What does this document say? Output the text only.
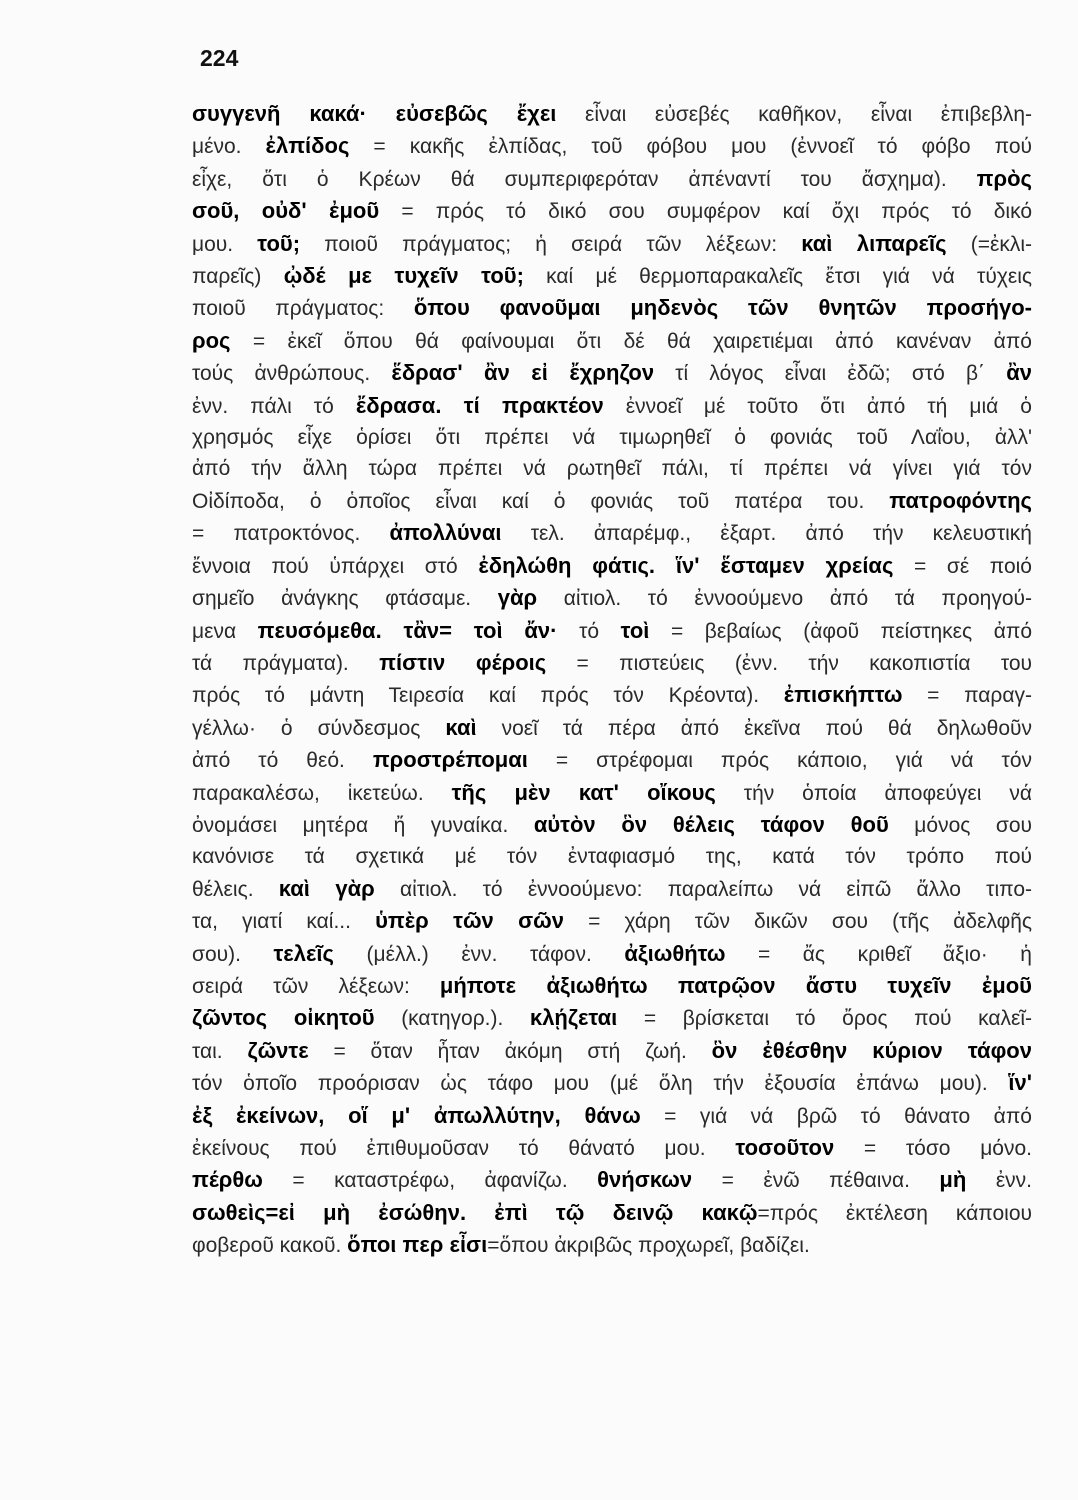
224
συγγενῆ κακά· εὐσεβῶς ἔχει εἶναι εὐσεβές καθῆκον, εἶναι ἐπιβεβλη-
μένο. ἐλπίδος = κακῆς ἐλπίδας, τοῦ φόβου μου (ἐννοεῖ τό φόβο πού
εἶχε, ὅτι ὁ Κρέων θά συμπεριφερόταν ἀπέναντί του ἄσχημα). πρὸς
σοῦ, οὐδ' ἐμοῦ = πρός τό δικό σου συμφέρον καί ὄχι πρός τό δικό
μου. τοῦ; ποιοῦ πράγματος; ἡ σειρά τῶν λέξεων: καὶ λιπαρεῖς (=ἐκλι-
παρεῖς) ᾠδέ με τυχεῖν τοῦ; καί μέ θερμοπαρακαλεῖς ἔτσι γιά νά τύχεις
ποιοῦ πράγματος: ὅπου φανοῦμαι μηδενὸς τῶν θνητῶν προσήγο-
ρος = ἐκεῖ ὅπου θά φαίνουμαι ὅτι δέ θά χαιρετιέμαι ἀπό κανέναν ἀπό
τούς ἀνθρώπους. ἕδρασ' ἂν εἰ ἔχρηζον τί λόγος εἶναι ἐδῶ; στό β΄ ἂν
ἐνν. πάλι τό ἔδρασα. τί πρακτέον ἐννοεῖ μέ τοῦτο ὅτι ἀπό τή μιά ὁ
χρησμός εἶχε ὁρίσει ὅτι πρέπει νά τιμωρηθεῖ ὁ φονιάς τοῦ Λαΐου, ἀλλ'
ἀπό τήν ἄλλη τώρα πρέπει νά ρωτηθεῖ πάλι, τί πρέπει νά γίνει γιά τόν
Οἰδίποδα, ὁ ὁποῖος εἶναι καί ὁ φονιάς τοῦ πατέρα του. πατροφόντης
= πατροκτόνος. ἀπολλύναι τελ. ἀπαρέμφ., ἐξαρτ. ἀπό τήν κελευστική
ἔννοια πού ὑπάρχει στό ἐδηλώθη φάτις. ἵν' ἕσταμεν χρείας = σέ ποιό
σημεῖο ἀνάγκης φτάσαμε. γὰρ αἰτιολ. τό ἐννοούμενο ἀπό τά προηγού-
μενα πευσόμεθα. τἂν= τοὶ ἄν· τό τοὶ = βεβαίως (ἀφοῦ πείστηκες ἀπό
τά πράγματα). πίστιν φέροις = πιστεύεις (ἐνν. τήν κακοπιστία του
πρός τό μάντη Τειρεσία καί πρός τόν Κρέοντα). ἐπισκήπτω = παραγ-
γέλλω· ὁ σύνδεσμος καὶ νοεῖ τά πέρα ἀπό ἐκεῖνα πού θά δηλωθοῦν
ἀπό τό θεό. προστρέπομαι = στρέφομαι πρός κάποιο, γιά νά τόν
παρακαλέσω, ἱκετεύω. τῆς μὲν κατ' οἴκους τήν ὁποία ἀποφεύγει νά
ὀνομάσει μητέρα ἤ γυναίκα. αὐτὸν ὃν θέλεις τάφον θοῦ μόνος σου
κανόνισε τά σχετικά μέ τόν ἐνταφιασμό της, κατά τόν τρόπο πού
θέλεις. καὶ γὰρ αἰτιολ. τό ἐννοούμενο: παραλείπω νά εἰπῶ ἄλλο τιπο-
τα, γιατί καί... ὑπὲρ τῶν σῶν = χάρη τῶν δικῶν σου (τῆς ἀδελφῆς
σου). τελεῖς (μέλλ.) ἐνν. τάφον. ἀξιωθήτω = ἄς κριθεῖ ἄξιο· ἡ
σειρά τῶν λέξεων: μήποτε ἀξιωθήτω πατρῷον ἄστυ τυχεῖν ἐμοῦ
ζῶντος οἰκητοῦ (κατηγορ.). κλῄζεται = βρίσκεται τό ὄρος πού καλεῖ-
ται. ζῶντε = ὅταν ἦταν ἀκόμη στή ζωή. ὃν ἐθέσθην κύριον τάφον
τόν ὁποῖο προόρισαν ὡς τάφο μου (μέ ὅλη τήν ἐξουσία ἐπάνω μου). ἵν'
ἐξ ἐκείνων, οἵ μ' ἀπωλλύτην, θάνω = γιά νά βρῶ τό θάνατο ἀπό
ἐκείνους πού ἐπιθυμοῦσαν τό θάνατό μου. τοσοῦτον = τόσο μόνο.
πέρθω = καταστρέφω, ἀφανίζω. θνήσκων = ἐνῶ πέθαινα. μὴ ἐνν.
σωθεὶς=εἰ μὴ ἐσώθην. ἐπὶ τῷ δεινῷ κακῷ=πρός ἐκτέλεση κάποιου
φοβεροῦ κακοῦ. ὅποι περ εἶσι=ὅπου ἀκριβῶς προχωρεῖ, βαδίζει.
